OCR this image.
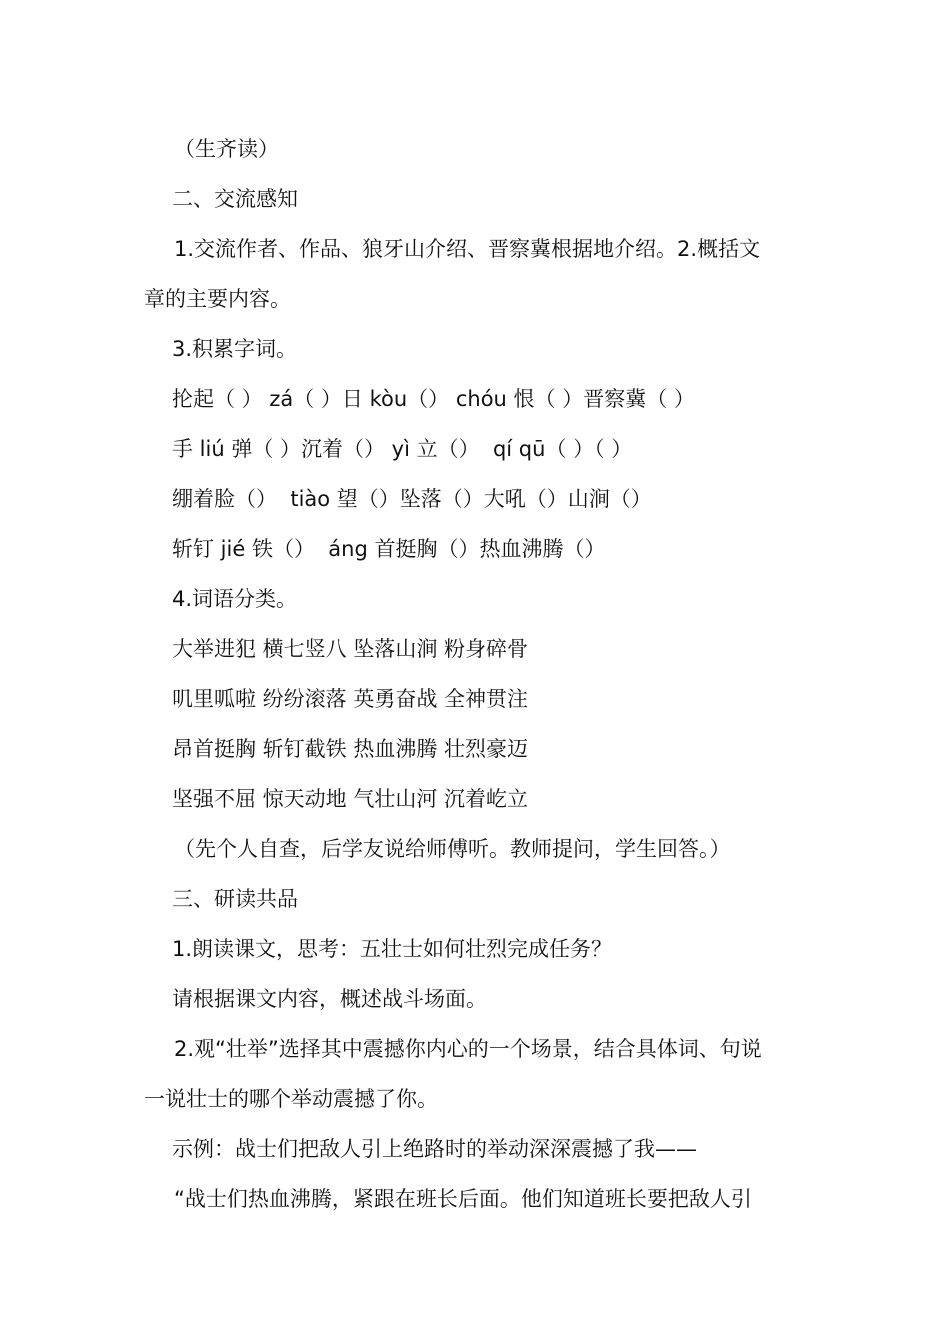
（生齐读）
二、交流感知
1.交流作者、作品、狼牙山介绍、晋察冀根据地介绍。2.概括文
章的主要内容。
3.积累字词。
抡起（ ） zá（ ）日 kòu（） chóu 恨（ ）晋察冀（ ）
手 liú 弹（ ）沉着（） yì 立（）  qí qū（ ）（ ）
绷着脸（）  tiào 望（）坠落（）大吼（）山涧（）
斩钉 jié 铁（）  áng 首挺胸（）热血沸腾（）
4.词语分类。
大举进犯 横七竖八 坠落山涧 粉身碎骨
叽里呱啦 纷纷滚落 英勇奋战 全神贯注
昂首挺胸 斩钉截铁 热血沸腾 壮烈豪迈
坚强不屈 惊天动地 气壮山河 沉着屹立
（先个人自查，后学友说给师傅听。教师提问，学生回答。）
三、研读共品
1.朗读课文，思考：五壮士如何壮烈完成任务？
请根据课文内容，概述战斗场面。
2.观“壮举”选择其中震撼你内心的一个场景，结合具体词、句说
一说壮士的哪个举动震撼了你。
示例：战士们把敌人引上绝路时的举动深深震撼了我——
“战士们热血沸腾，紧跟在班长后面。他们知道班长要把敌人引
